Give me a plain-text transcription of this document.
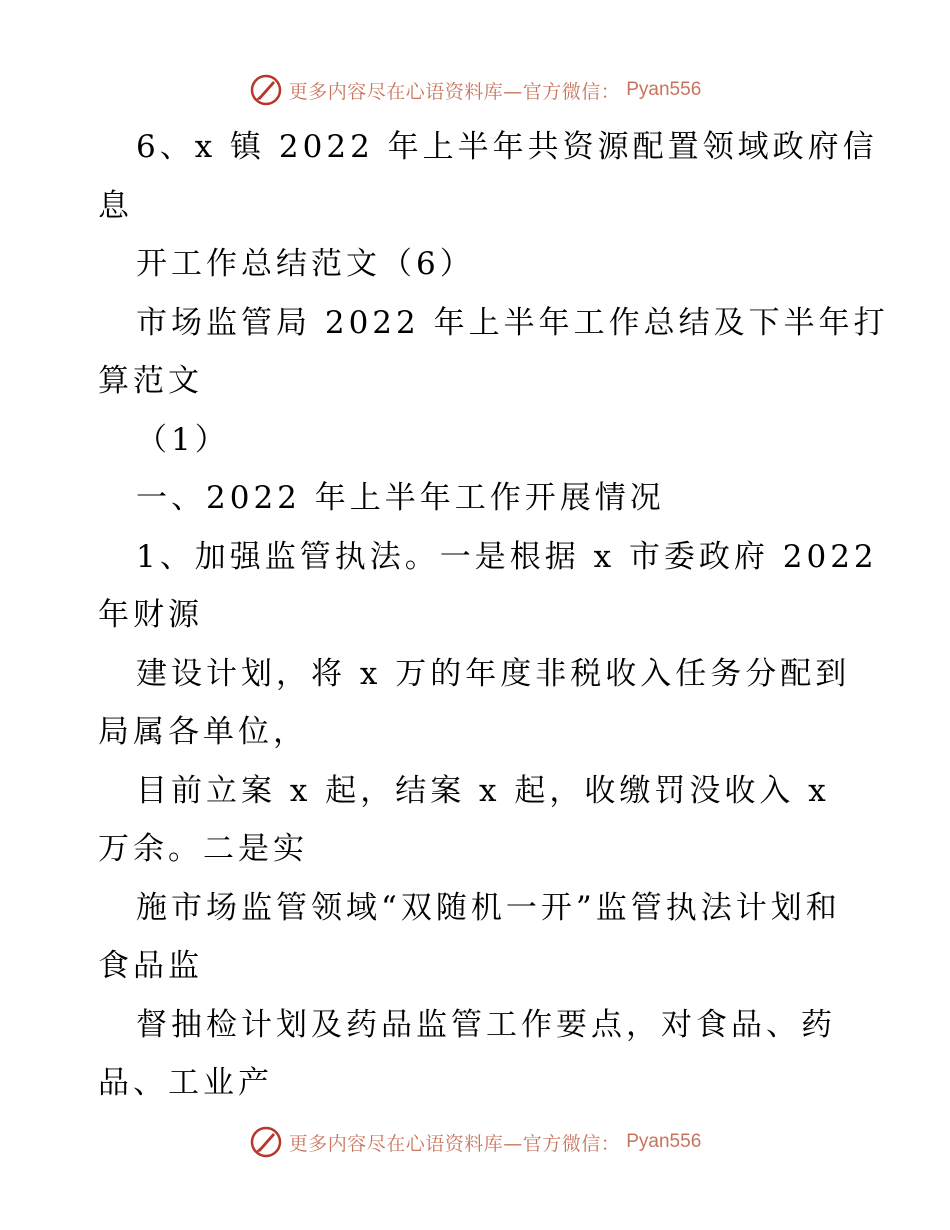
更多内容尽在心语资料库—官方微信： Pyan556
6、x 镇 2022 年上半年共资源配置领域政府信
息
开工作总结范文（6）
市场监管局 2022 年上半年工作总结及下半年打
算范文
（1）
一、2022 年上半年工作开展情况
1、加强监管执法。一是根据 x 市委政府 2022
年财源
建设计划，将 x 万的年度非税收入任务分配到
局属各单位，
目前立案 x 起，结案 x 起，收缴罚没收入 x
万余。二是实
施市场监管领域“双随机一开”监管执法计划和
食品监
督抽检计划及药品监管工作要点，对食品、药
品、工业产
更多内容尽在心语资料库—官方微信： Pyan556
